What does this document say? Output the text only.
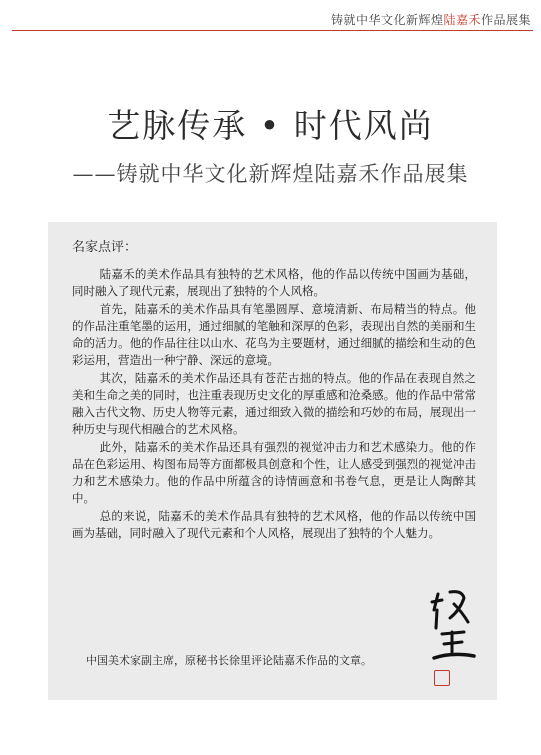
铸就中华文化新辉煌陆嘉禾作品展集
艺脉传承 • 时代风尚
——铸就中华文化新辉煌陆嘉禾作品展集
名家点评：

陆嘉禾的美术作品具有独特的艺术风格，他的作品以传统中国画为基础，同时融入了现代元素，展现出了独特的个人风格。

首先，陆嘉禾的美术作品具有笔墨圆厚、意境清新、布局精当的特点。他的作品注重笔墨的运用，通过细腻的笔触和深厚的色彩，表现出自然的美丽和生命的活力。他的作品往往以山水、花鸟为主要题材，通过细腻的描绘和生动的色彩运用，营造出一种宁静、深远的意境。

其次，陆嘉禾的美术作品还具有苍茫古拙的特点。他的作品在表现自然之美和生命之美的同时，也注重表现历史文化的厚重感和沧桑感。他的作品中常常融入古代文物、历史人物等元素，通过细致入微的描绘和巧妙的布局，展现出一种历史与现代相融合的艺术风格。

此外，陆嘉禾的美术作品还具有强烈的视觉冲击力和艺术感染力。他的作品在色彩运用、构图布局等方面都极具创意和个性，让人感受到强烈的视觉冲击力和艺术感染力。他的作品中所蕴含的诗情画意和书卷气息，更是让人陶醉其中。

总的来说，陆嘉禾的美术作品具有独特的艺术风格，他的作品以传统中国画为基础，同时融入了现代元素和个人风格，展现出了独特的个人魅力。

中国美术家副主席，原秘书长徐里评论陆嘉禾作品的文章。
